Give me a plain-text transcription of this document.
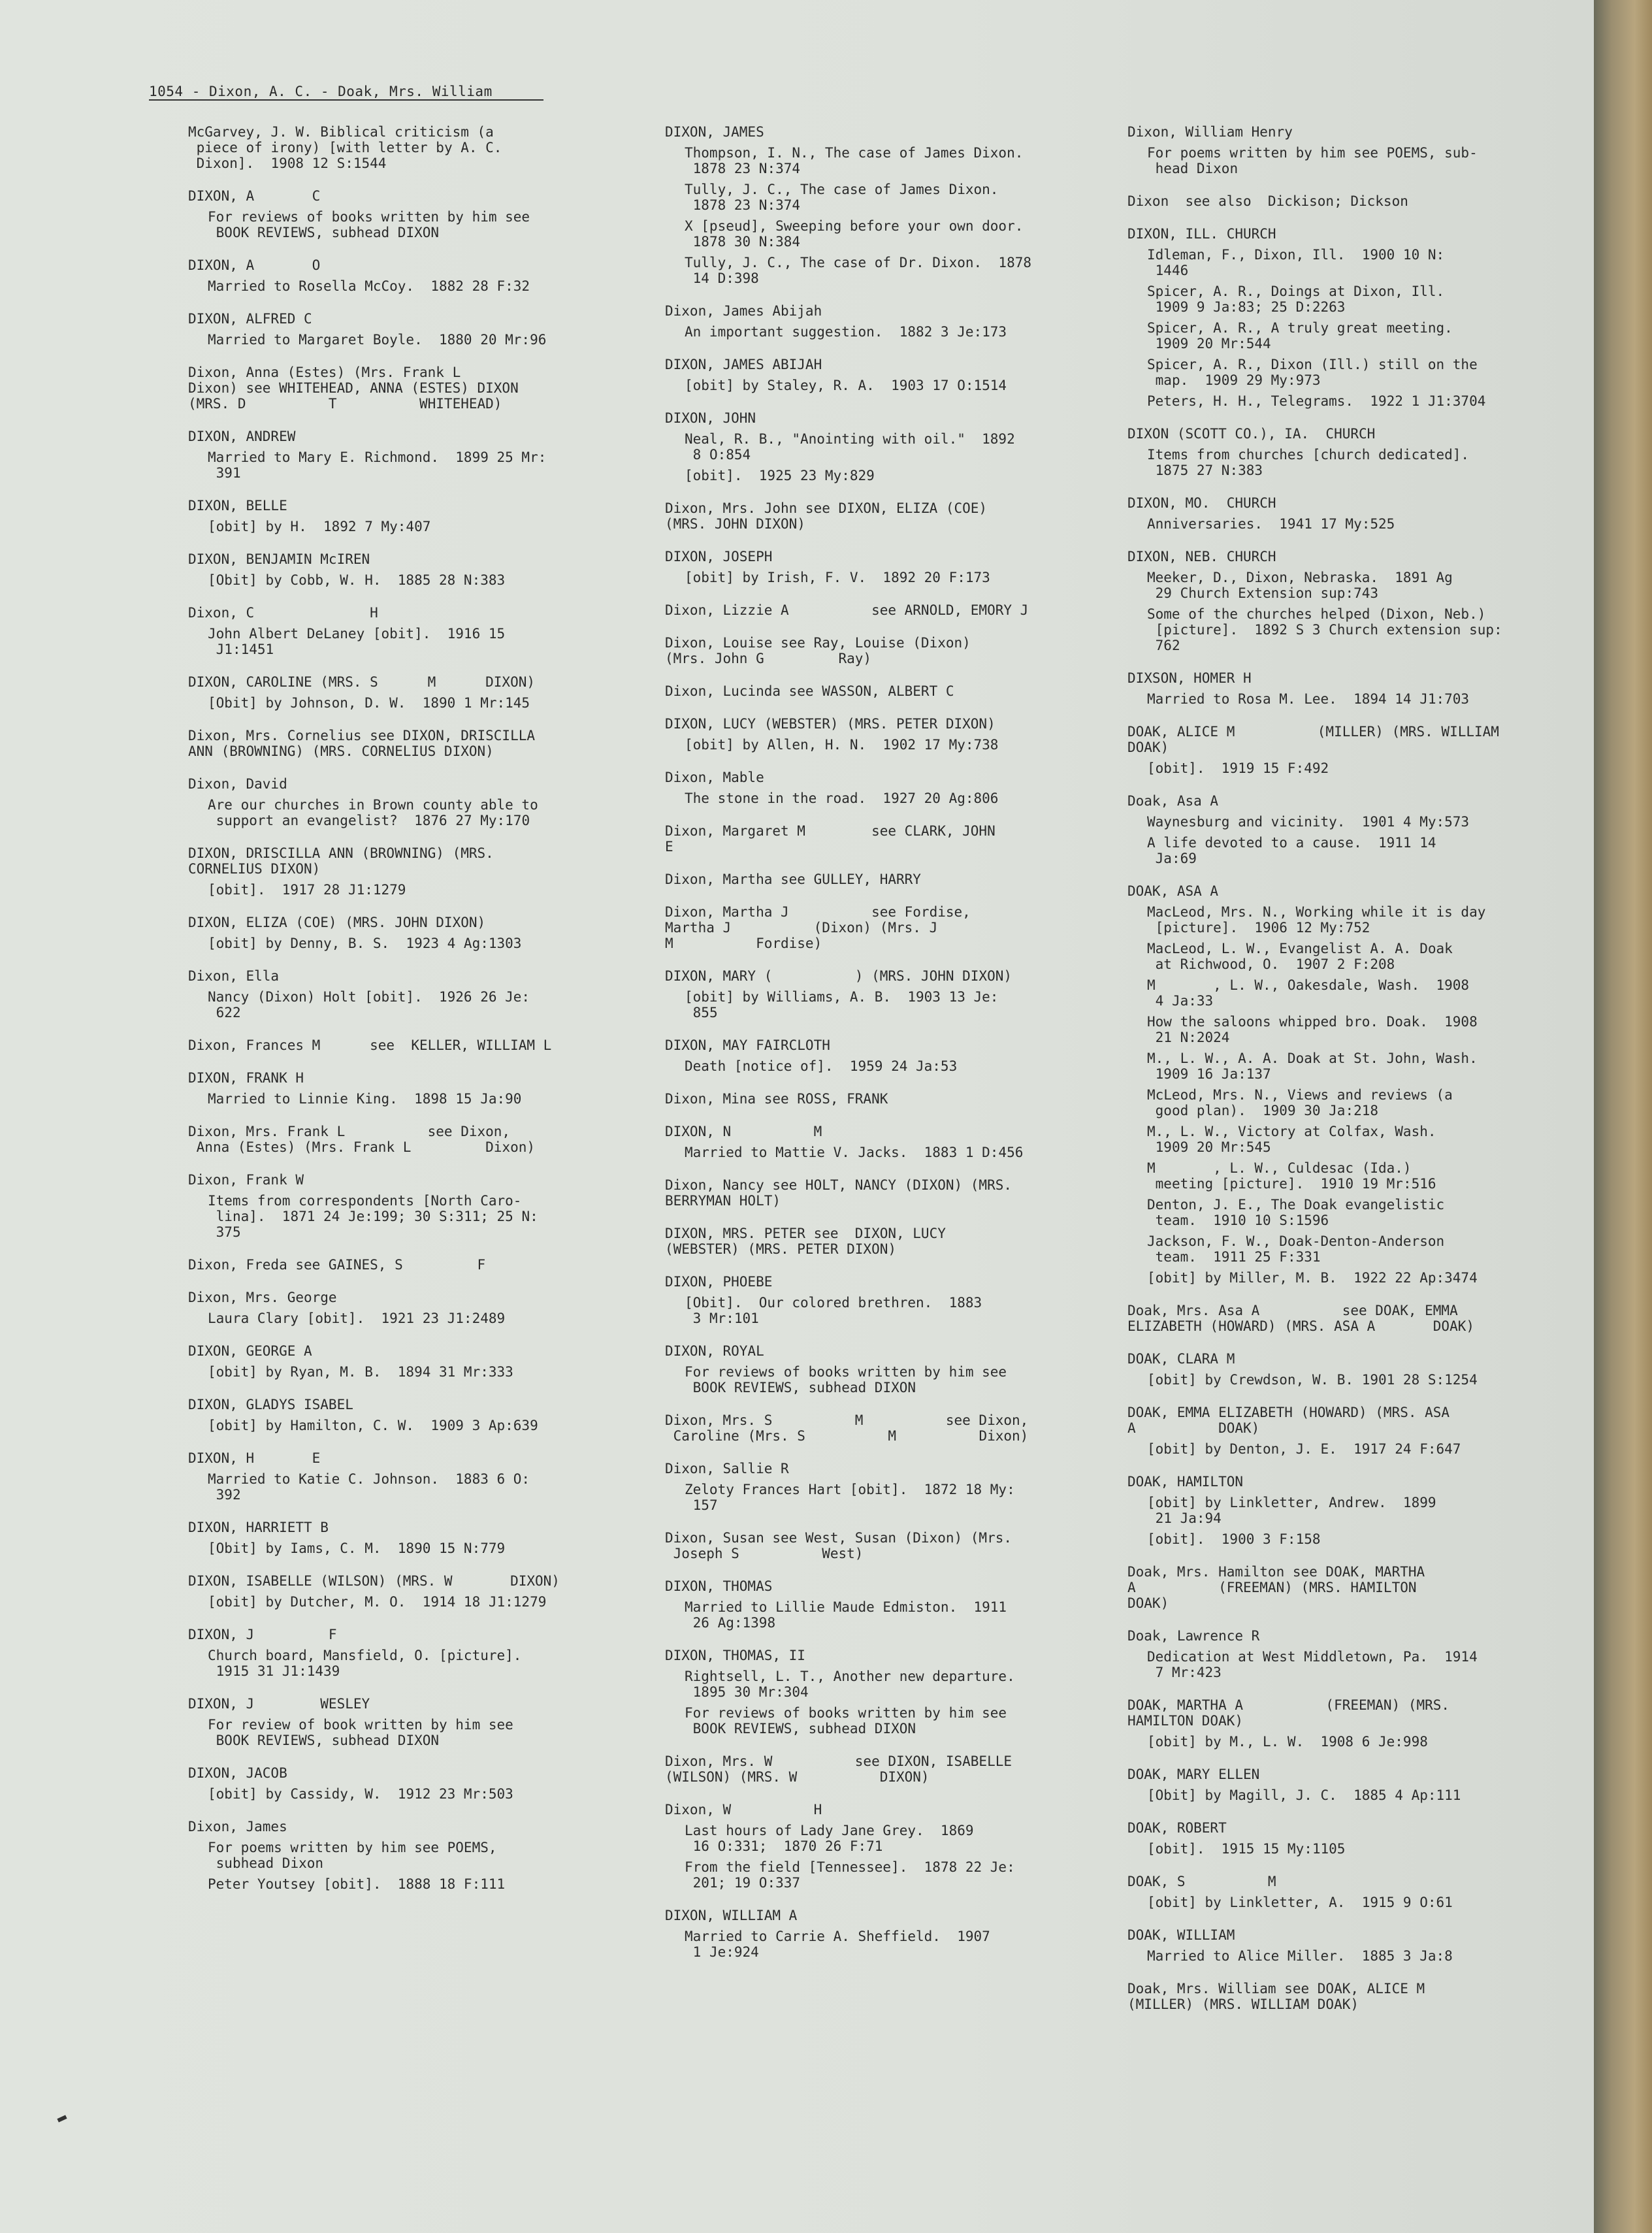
1054 - Dixon, A. C. - Doak, Mrs. William
McGarvey, J. W. Biblical criticism (a
piece of irony) [with letter by A. C.
Dixon].  1908 12 S:1544
DIXON, A       C
For reviews of books written by him see
BOOK REVIEWS, subhead DIXON
DIXON, A       O
Married to Rosella McCoy.  1882 28 F:32
DIXON, ALFRED C
Married to Margaret Boyle.  1880 20 Mr:96
Dixon, Anna (Estes) (Mrs. Frank L
Dixon) see WHITEHEAD, ANNA (ESTES) DIXON
(MRS. D          T          WHITEHEAD)
DIXON, ANDREW
Married to Mary E. Richmond.  1899 25 Mr:
391
DIXON, BELLE
[obit] by H.  1892 7 My:407
DIXON, BENJAMIN McIREN
[Obit] by Cobb, W. H.  1885 28 N:383
Dixon, C              H
John Albert DeLaney [obit].  1916 15
J1:1451
DIXON, CAROLINE (MRS. S      M      DIXON)
[Obit] by Johnson, D. W.  1890 1 Mr:145
Dixon, Mrs. Cornelius see DIXON, DRISCILLA
ANN (BROWNING) (MRS. CORNELIUS DIXON)
Dixon, David
Are our churches in Brown county able to
support an evangelist?  1876 27 My:170
DIXON, DRISCILLA ANN (BROWNING) (MRS.
CORNELIUS DIXON)
[obit].  1917 28 J1:1279
DIXON, ELIZA (COE) (MRS. JOHN DIXON)
[obit] by Denny, B. S.  1923 4 Ag:1303
Dixon, Ella
Nancy (Dixon) Holt [obit].  1926 26 Je:
622
Dixon, Frances M      see  KELLER, WILLIAM L
DIXON, FRANK H
Married to Linnie King.  1898 15 Ja:90
Dixon, Mrs. Frank L          see Dixon,
Anna (Estes) (Mrs. Frank L         Dixon)
Dixon, Frank W
Items from correspondents [North Caro-
lina].  1871 24 Je:199; 30 S:311; 25 N:
375
Dixon, Freda see GAINES, S         F
Dixon, Mrs. George
Laura Clary [obit].  1921 23 J1:2489
DIXON, GEORGE A
[obit] by Ryan, M. B.  1894 31 Mr:333
DIXON, GLADYS ISABEL
[obit] by Hamilton, C. W.  1909 3 Ap:639
DIXON, H       E
Married to Katie C. Johnson.  1883 6 O:
392
DIXON, HARRIETT B
[Obit] by Iams, C. M.  1890 15 N:779
DIXON, ISABELLE (WILSON) (MRS. W       DIXON)
[obit] by Dutcher, M. O.  1914 18 J1:1279
DIXON, J         F
Church board, Mansfield, O. [picture].
1915 31 J1:1439
DIXON, J        WESLEY
For review of book written by him see
BOOK REVIEWS, subhead DIXON
DIXON, JACOB
[obit] by Cassidy, W.  1912 23 Mr:503
Dixon, James
For poems written by him see POEMS,
subhead Dixon
Peter Youtsey [obit].  1888 18 F:111
DIXON, JAMES
Thompson, I. N., The case of James Dixon.
1878 23 N:374
Tully, J. C., The case of James Dixon.
1878 23 N:374
X [pseud], Sweeping before your own door.
1878 30 N:384
Tully, J. C., The case of Dr. Dixon.  1878
14 D:398
Dixon, James Abijah
An important suggestion.  1882 3 Je:173
DIXON, JAMES ABIJAH
[obit] by Staley, R. A.  1903 17 O:1514
DIXON, JOHN
Neal, R. B., "Anointing with oil."  1892
8 O:854
[obit].  1925 23 My:829
Dixon, Mrs. John see DIXON, ELIZA (COE)
(MRS. JOHN DIXON)
DIXON, JOSEPH
[obit] by Irish, F. V.  1892 20 F:173
Dixon, Lizzie A          see ARNOLD, EMORY J
Dixon, Louise see Ray, Louise (Dixon)
(Mrs. John G         Ray)
Dixon, Lucinda see WASSON, ALBERT C
DIXON, LUCY (WEBSTER) (MRS. PETER DIXON)
[obit] by Allen, H. N.  1902 17 My:738
Dixon, Mable
The stone in the road.  1927 20 Ag:806
Dixon, Margaret M        see CLARK, JOHN
E
Dixon, Martha see GULLEY, HARRY
Dixon, Martha J          see Fordise,
Martha J          (Dixon) (Mrs. J
M          Fordise)
DIXON, MARY (          ) (MRS. JOHN DIXON)
[obit] by Williams, A. B.  1903 13 Je:
855
DIXON, MAY FAIRCLOTH
Death [notice of].  1959 24 Ja:53
Dixon, Mina see ROSS, FRANK
DIXON, N          M
Married to Mattie V. Jacks.  1883 1 D:456
Dixon, Nancy see HOLT, NANCY (DIXON) (MRS.
BERRYMAN HOLT)
DIXON, MRS. PETER see  DIXON, LUCY
(WEBSTER) (MRS. PETER DIXON)
DIXON, PHOEBE
[Obit].  Our colored brethren.  1883
3 Mr:101
DIXON, ROYAL
For reviews of books written by him see
BOOK REVIEWS, subhead DIXON
Dixon, Mrs. S          M          see Dixon,
Caroline (Mrs. S          M          Dixon)
Dixon, Sallie R
Zeloty Frances Hart [obit].  1872 18 My:
157
Dixon, Susan see West, Susan (Dixon) (Mrs.
Joseph S          West)
DIXON, THOMAS
Married to Lillie Maude Edmiston.  1911
26 Ag:1398
DIXON, THOMAS, II
Rightsell, L. T., Another new departure.
1895 30 Mr:304
For reviews of books written by him see
BOOK REVIEWS, subhead DIXON
Dixon, Mrs. W          see DIXON, ISABELLE
(WILSON) (MRS. W          DIXON)
Dixon, W          H
Last hours of Lady Jane Grey.  1869
16 O:331;  1870 26 F:71
From the field [Tennessee].  1878 22 Je:
201; 19 O:337
DIXON, WILLIAM A
Married to Carrie A. Sheffield.  1907
1 Je:924
Dixon, William Henry
For poems written by him see POEMS, sub-
head Dixon
Dixon  see also  Dickison; Dickson
DIXON, ILL. CHURCH
Idleman, F., Dixon, Ill.  1900 10 N:
1446
Spicer, A. R., Doings at Dixon, Ill.
1909 9 Ja:83; 25 D:2263
Spicer, A. R., A truly great meeting.
1909 20 Mr:544
Spicer, A. R., Dixon (Ill.) still on the
map.  1909 29 My:973
Peters, H. H., Telegrams.  1922 1 J1:3704
DIXON (SCOTT CO.), IA.  CHURCH
Items from churches [church dedicated].
1875 27 N:383
DIXON, MO.  CHURCH
Anniversaries.  1941 17 My:525
DIXON, NEB. CHURCH
Meeker, D., Dixon, Nebraska.  1891 Ag
29 Church Extension sup:743
Some of the churches helped (Dixon, Neb.)
[picture].  1892 S 3 Church extension sup:
762
DIXSON, HOMER H
Married to Rosa M. Lee.  1894 14 J1:703
DOAK, ALICE M          (MILLER) (MRS. WILLIAM
DOAK)
[obit].  1919 15 F:492
Doak, Asa A
Waynesburg and vicinity.  1901 4 My:573
A life devoted to a cause.  1911 14
Ja:69
DOAK, ASA A
MacLeod, Mrs. N., Working while it is day
[picture].  1906 12 My:752
MacLeod, L. W., Evangelist A. A. Doak
at Richwood, O.  1907 2 F:208
M       , L. W., Oakesdale, Wash.  1908
4 Ja:33
How the saloons whipped bro. Doak.  1908
21 N:2024
M., L. W., A. A. Doak at St. John, Wash.
1909 16 Ja:137
McLeod, Mrs. N., Views and reviews (a
good plan).  1909 30 Ja:218
M., L. W., Victory at Colfax, Wash.
1909 20 Mr:545
M       , L. W., Culdesac (Ida.)
meeting [picture].  1910 19 Mr:516
Denton, J. E., The Doak evangelistic
team.  1910 10 S:1596
Jackson, F. W., Doak-Denton-Anderson
team.  1911 25 F:331
[obit] by Miller, M. B.  1922 22 Ap:3474
Doak, Mrs. Asa A          see DOAK, EMMA
ELIZABETH (HOWARD) (MRS. ASA A       DOAK)
DOAK, CLARA M
[obit] by Crewdson, W. B. 1901 28 S:1254
DOAK, EMMA ELIZABETH (HOWARD) (MRS. ASA
A          DOAK)
[obit] by Denton, J. E.  1917 24 F:647
DOAK, HAMILTON
[obit] by Linkletter, Andrew.  1899
21 Ja:94
[obit].  1900 3 F:158
Doak, Mrs. Hamilton see DOAK, MARTHA
A          (FREEMAN) (MRS. HAMILTON
DOAK)
Doak, Lawrence R
Dedication at West Middletown, Pa.  1914
7 Mr:423
DOAK, MARTHA A          (FREEMAN) (MRS.
HAMILTON DOAK)
[obit] by M., L. W.  1908 6 Je:998
DOAK, MARY ELLEN
[Obit] by Magill, J. C.  1885 4 Ap:111
DOAK, ROBERT
[obit].  1915 15 My:1105
DOAK, S          M
[obit] by Linkletter, A.  1915 9 O:61
DOAK, WILLIAM
Married to Alice Miller.  1885 3 Ja:8
Doak, Mrs. William see DOAK, ALICE M
(MILLER) (MRS. WILLIAM DOAK)
